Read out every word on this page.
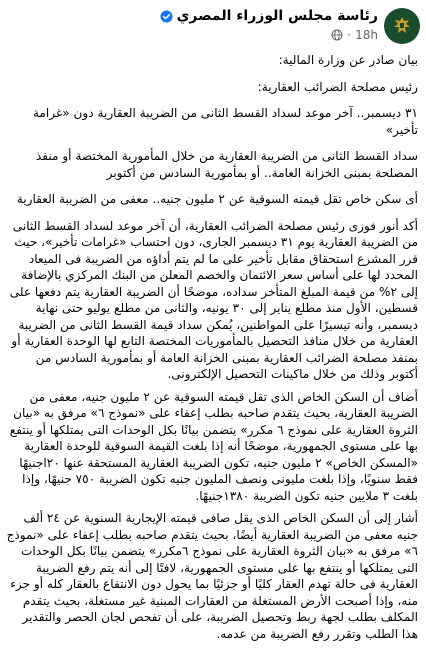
رئاسة مجلس الوزراء المصري
18h
·

بيان صادر عن وزارة المالية:

رئيس مصلحة الضرائب العقارية:

٣١ ديسمبر.. آخر موعد لسداد القسط الثانى من الضريبة العقارية دون «غرامة تأخير»

سداد القسط الثانى من الضريبة العقارية من خلال المأمورية المختصة أو منفذ المصلحة بمبنى الخزانة العامة.. أو بمأمورية السادس من أكتوبر

أى سكن خاص تقل قيمته السوقية عن ٢ مليون جنيه.. معفى من الضريبة العقارية

أكد أنور فوزى رئيس مصلحة الضرائب العقارية، أن آخر موعد لسداد القسط الثانى من الضريبة العقارية يوم ٣١ ديسمبر الجارى، دون احتساب «غرامات تأخير»، حيث قرر المشرع استحقاق مقابل تأخير على ما لم يتم أداؤه من الضريبة فى الميعاد المحدد لها على أساس سعر الائتمان والخصم المعلن من البنك المركزي بالإضافة إلى ٢% من قيمة المبلغ المتأخر سداده، موضحًا أن الضريبة العقارية يتم دفعها على قسطين، الأول منذ مطلع يناير إلى ٣٠ يونيه، والثانى من مطلع يوليو حتى نهاية ديسمبر، وأنه تيسيرًا على المواطنين، يُمكن سداد قيمة القسط الثانى من الضريبة العقارية من خلال منافذ التحصيل بالمأموريات المختصة التابع لها الوحدة العقارية أو بمنفذ مصلحة الضرائب العقارية بمبنى الخزانة العامة أو بمأمورية السادس من أكتوبر وذلك من خلال ماكينات التحصيل الإلكترونى.

أضاف أن السكن الخاص الذى تقل قيمته السوقية عن ٢ مليون جنيه، معفى من الضريبة العقارية، بحيث يتقدم صاحبه بطلب إعفاء على «نموذج ٦» مرفق به «بيان الثروة العقارية على نموذج ٦ مكرر» يتضمن بيانًا بكل الوحدات التى يمتلكها أو ينتفع بها على مستوى الجمهورية، موضحًا أنه إذا بلغت القيمة السوقية للوحدة العقارية «المسكن الخاص» ٢ مليون جنيه، تكون الضريبة العقارية المستحقة عنها ٢٠اجنيهًا فقط سنويًا، وإذا بلغت مليونى ونصف المليون جنيه تكون الضريبة ٧٥٠ جنيهًا، وإذا بلغت ٣ ملايين جنيه تكون الضريبة ١٣٨٠جنيهًا.

أشار إلى أن السكن الخاص الذى يقل صافى قيمته الإيجارية السنوية عن ٢٤ ألف جنيه معفى من الضريبة العقارية أيضًا، بحيث يتقدم صاحبه بطلب إعفاء على «نموذج ٦» مرفق به «بيان الثروة العقارية على نموذج ٦مكرر» يتضمن بيانًا بكل الوحدات التى يمتلكها أو ينتفع بها على مستوى الجمهورية، لافتًا إلى أنه يتم رفع الضريبة العقارية فى حالة تهدم العقار كليًا أو جزئيًا بما يحول دون الانتفاع بالعقار كله أو جزء منه، وإذا أصبحت الأرض المستغلة من العقارات المبنية غير مستغلة، بحيث يتقدم المكلف بطلب لجهة ربط وتحصيل الضريبة، على أن تفحص لجان الحصر والتقدير هذا الطلب وتقرر رفع الضريبة من عدمه.
